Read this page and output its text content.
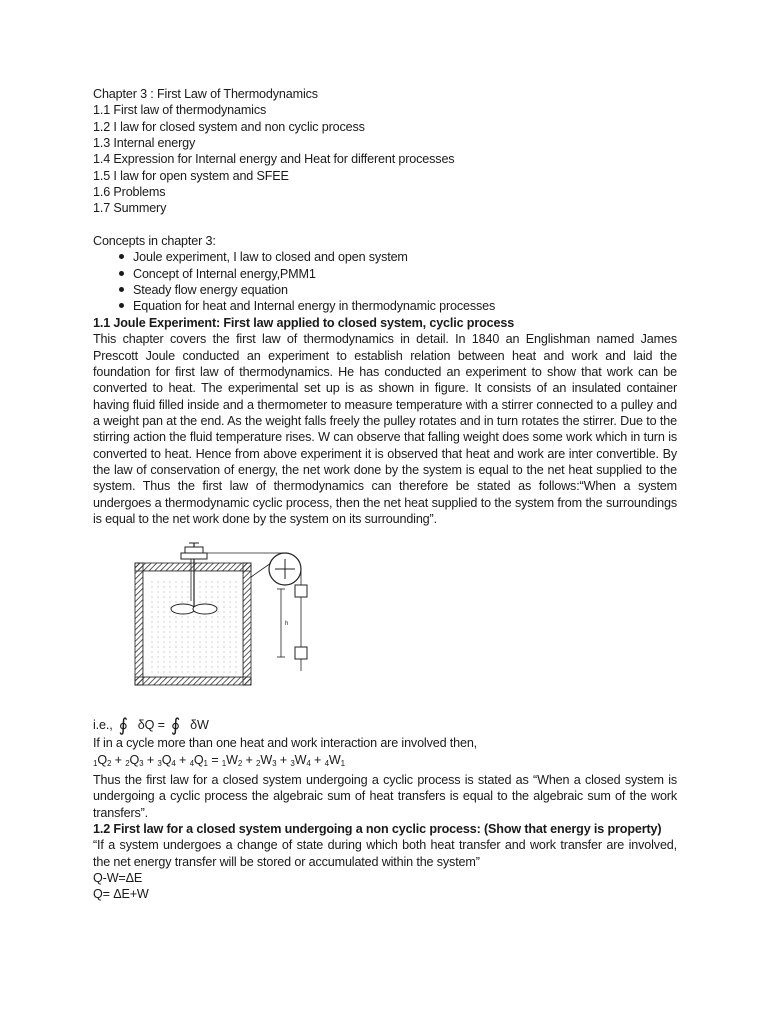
Chapter 3 : First Law of Thermodynamics
1.1 First law of thermodynamics
1.2 I law for closed system and non cyclic process
1.3 Internal energy
1.4 Expression for Internal energy and Heat for different processes
1.5 I law for open system and SFEE
1.6 Problems
1.7 Summery
Concepts in chapter 3:
Joule experiment, I law to closed and open system
Concept of Internal energy,PMM1
Steady flow energy equation
Equation for heat and Internal energy in thermodynamic processes
1.1 Joule Experiment: First law applied to closed system, cyclic process
This chapter covers the first law of thermodynamics in detail. In 1840 an Englishman named James Prescott Joule conducted an experiment to establish relation between heat and work and laid the foundation for first law of thermodynamics. He has conducted an experiment to show that work can be converted to heat. The experimental set up is as shown in figure. It consists of an insulated container having fluid filled inside and a thermometer to measure temperature with a stirrer connected to a pulley and a weight pan at the end. As the weight falls freely the pulley rotates and in turn rotates the stirrer. Due to the stirring action the fluid temperature rises. W can observe that falling weight does some work which in turn is converted to heat. Hence from above experiment it is observed that heat and work are inter convertible. By the law of conservation of energy, the net work done by the system is equal to the net heat supplied to the system. Thus the first law of thermodynamics can therefore be stated as follows:“When a system undergoes a thermodynamic cyclic process, then the net heat supplied to the system from the surroundings is equal to the net work done by the system on its surrounding”.
h
i.e., ∮ δQ = ∮ δW
If in a cycle more than one heat and work interaction are involved then,
$_1Q_2 + _2Q_3 + _3Q_4 + _4Q_1 = _1W_2 + _2W_3 + _3W_4 + _4W_1$
Thus the first law for a closed system undergoing a cyclic process is stated as “When a closed system is undergoing a cyclic process the algebraic sum of heat transfers is equal to the algebraic sum of the work transfers”.
1.2 First law for a closed system undergoing a non cyclic process: (Show that energy is property)
“If a system undergoes a change of state during which both heat transfer and work transfer are involved, the net energy transfer will be stored or accumulated within the system”
Q-W=ΔE
Q= ΔE+W
